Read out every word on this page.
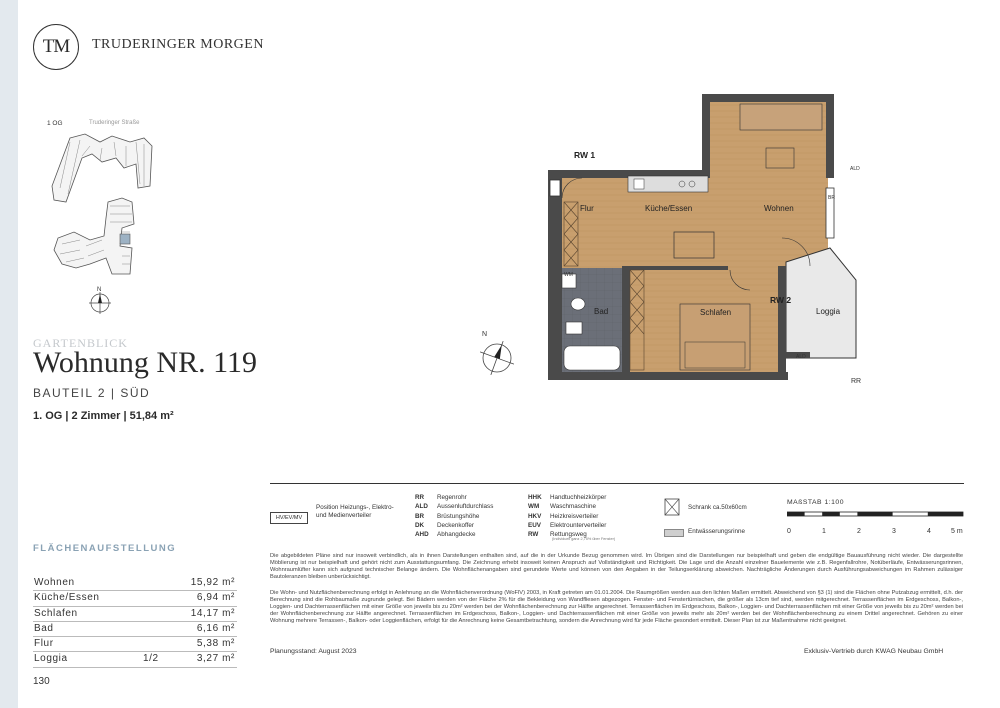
TM TRUDERINGER MORGEN
1 OG	Truderinger Straße
N
GARTENBLICK
Wohnung NR. 119
BAUTEIL 2 | SÜD
1. OG | 2 Zimmer | 51,84 m²
FLÄCHENAUFSTELLUNG
Wohnen	15,92 m²
Küche/Essen	6,94 m²
Schlafen	14,17 m²
Bad	6,16 m²
Flur	5,38 m²
Loggia	1/2	3,27 m²
130
RW 1
RW 2
Flur	Küche/Essen	Wohnen
Schlafen
Bad	Loggia
WM
ALD
ALD
RR
BR
N
HV/EV/MV
Position Heizungs-, Elektro- und Medienverteiler
RR Regenrohr
ALD Aussenluftdurchlass
BR Brüstungshöhe
DK Deckenkoffer
AHD Abhangdecke
HHK Handtuchheizkörper
WM Waschmaschine
HKV Heizkreisverteiler
EUV Elektrounterverteiler
RW Rettungsweg
(Individuell ganz 2,75% über Fenster)
Schrank ca.50x60cm
Entwässerungsrinne
MAßSTAB 1:100
0	1	2	3	4	5 m
Die abgebildeten Pläne sind nur insoweit verbindlich, als in ihnen Darstellungen enthalten sind, auf die in der Urkunde Bezug genommen wird. Im Übrigen sind die Darstellungen nur beispielhaft und geben die endgültige Bauausführung nicht wieder. Die dargestellte Möblierung ist nur beispielhaft und gehört nicht zum Ausstattungsumfang. Die Zeichnung erhebt insoweit keinen Anspruch auf Vollständigkeit und Richtigkeit. Die Lage und die Anzahl einzelner Bauelemente wie z.B. Regenfallrohre, Notüberläufe, Entwässerungsrinnen, Wohnraumlüfter kann sich aufgrund technischer Belange ändern. Die Wohnflächenangaben sind gerundete Werte und können von den Angaben in der Teilungserklärung abweichen. Nachträgliche Änderungen durch Ausführungsabweichungen im Rahmen zulässiger Bautoleranzen bleiben unberücksichtigt.
Die Wohn- und Nutzflächenberechnung erfolgt in Anlehnung an die Wohnflächenverordnung (WoFlV) 2003, in Kraft getreten am 01.01.2004. Die Raumgrößen werden aus den lichten Maßen ermittelt. Abweichend von §3 (1) sind die Flächen ohne Putzabzug ermittelt, d.h. der Berechnung sind die Rohbaumaße zugrunde gelegt. Bei Bädern werden von der Fläche 2% für die Bekleidung von Wandfliesen abgezogen. Fenster- und Fenstertürnischen, die größer als 13cm tief sind, werden mitgerechnet. Terrassenflächen im Erdgeschoss, Balkon-, Loggien- und Dachterrassenflächen mit einer Größe von jeweils bis zu 20m² werden bei der Wohnflächenberechnung zur Hälfte angerechnet. Terrassenflächen im Erdgeschoss, Balkon-, Loggien- und Dachterrassenflächen mit einer Größe von jeweils bis zu 20m² werden bei der Wohnflächenberechnung zur Hälfte angerechnet. Terrassenflächen im Erdgeschoss, Balkon-, Loggien- und Dachterrassenflächen mit einer Größe von jeweils mehr als 20m² werden bei der Wohnflächenberechnung zu einem Drittel angerechnet. Gehören zu einer Wohnung mehrere Terrassen-, Balkon- oder Loggienflächen, erfolgt für die Anrechnung keine Gesamtbetrachtung, sondern die Anrechnung wird für jede Fläche gesondert ermittelt. Dieser Plan ist zur Maßentnahme nicht geeignet.
Planungsstand: August 2023	Exklusiv-Vertrieb durch KWAG Neubau GmbH
